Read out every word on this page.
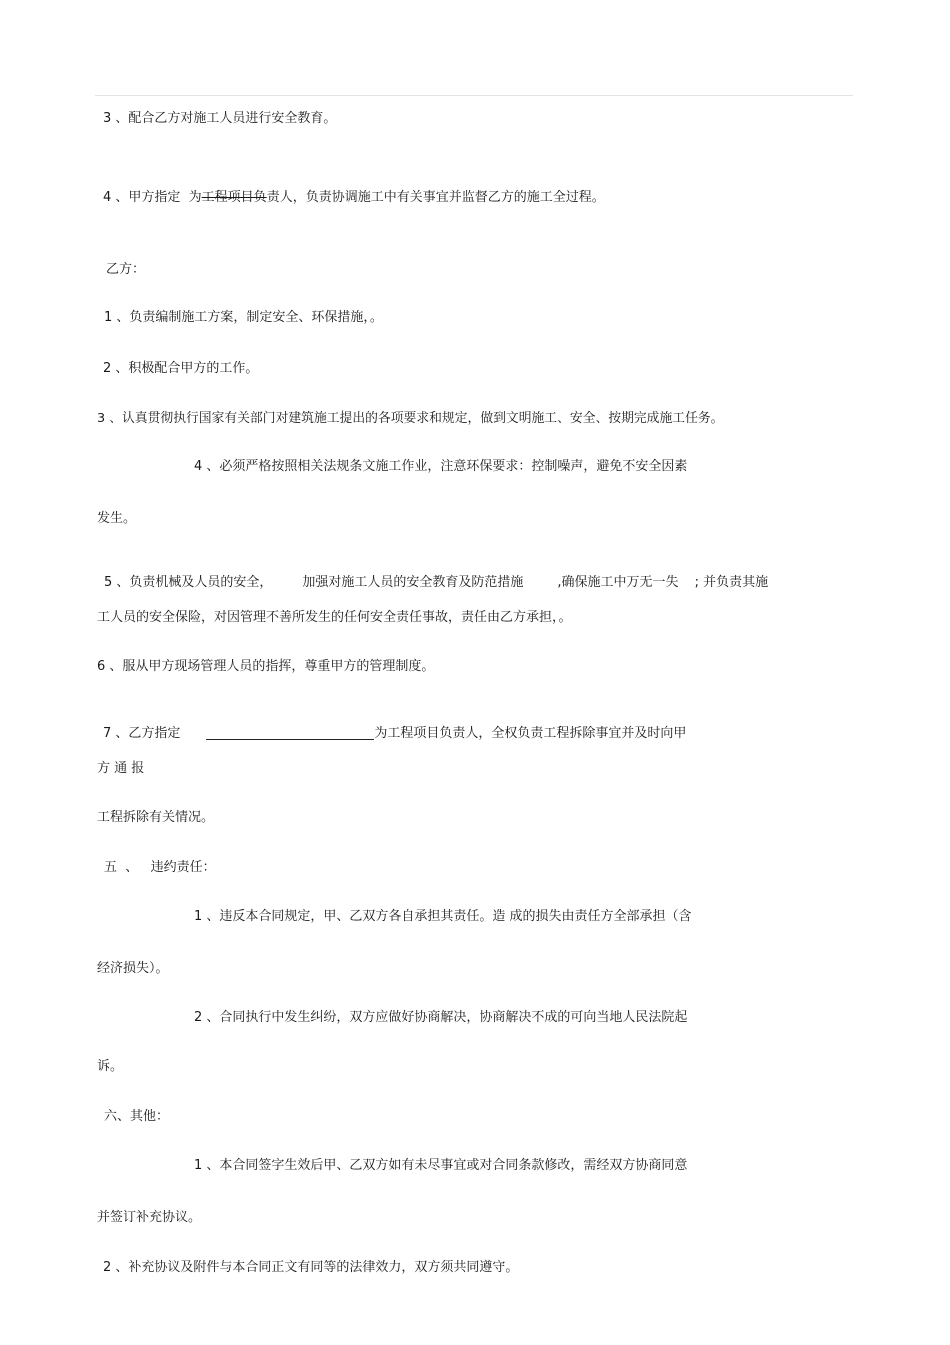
3 、配合乙方对施工人员进行安全教育。

4 、甲方指定  为工程项目负责人，负责协调施工中有关事宜并监督乙方的施工全过程。

乙方：
1 、负责编制施工方案，制定安全、环保措施，。
2 、积极配合甲方的工作。
3 、认真贯彻执行国家有关部门对建筑施工提出的各项要求和规定，做到文明施工、安全、按期完成施工任务。
4 、必须严格按照相关法规条文施工作业，注意环保要求：控制噪声，避免不安全因素
发生。

5 、负责机械及人员的安全， 加强对施工人员的安全教育及防范措施	,确保施工中万无一失 ; 并负责其施

工人员的安全保险，对因管理不善所发生的任何安全责任事故，责任由乙方承担，。
6 、服从甲方现场管理人员的指挥，尊重甲方的管理制度。

7 、乙方指定	为工程项目负责人，全权负责工程拆除事宜并及时向甲

方 通 报
工程拆除有关情况。
五  、   违约责任：
1 、违反本合同规定，甲、乙双方各自承担其责任。造 成的损失由责任方全部承担（含
经济损失）。
2 、合同执行中发生纠纷，双方应做好协商解决，协商解决不成的可向当地人民法院起
诉。
六、其他：
1 、本合同签字生效后甲、乙双方如有未尽事宜或对合同条款修改，需经双方协商同意
并签订补充协议。
2 、补充协议及附件与本合同正文有同等的法律效力，双方须共同遵守。
